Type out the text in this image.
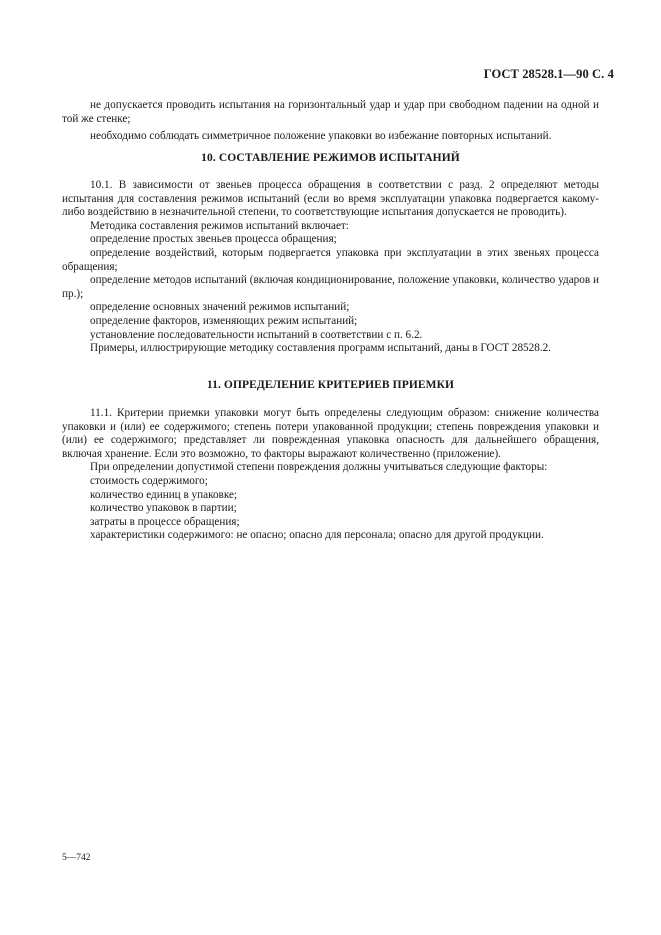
ГОСТ 28528.1—90 С. 4

не допускается проводить испытания на горизонтальный удар и удар при свободном падении на одной и той же стенке;

необходимо соблюдать симметричное положение упаковки во избежание повторных испытаний.

10. СОСТАВЛЕНИЕ РЕЖИМОВ ИСПЫТАНИЙ

10.1. В зависимости от звеньев процесса обращения в соответствии с разд. 2 определяют методы испытания для составления режимов испытаний (если во время эксплуатации упаковка подвергается какому-либо воздействию в незначительной степени, то соответствующие испытания допускается не проводить).

Методика составления режимов испытаний включает:

определение простых звеньев процесса обращения;

определение воздействий, которым подвергается упаковка при эксплуатации в этих звеньях процесса обращения;

определение методов испытаний (включая кондиционирование, положение упаковки, количество ударов и пр.);

определение основных значений режимов испытаний;

определение факторов, изменяющих режим испытаний;

установление последовательности испытаний в соответствии с п. 6.2.

Примеры, иллюстрирующие методику составления программ испытаний, даны в ГОСТ 28528.2.

11. ОПРЕДЕЛЕНИЕ КРИТЕРИЕВ ПРИЕМКИ

11.1. Критерии приемки упаковки могут быть определены следующим образом: снижение количества упаковки и (или) ее содержимого; степень потери упакованной продукции; степень повреждения упаковки и (или) ее содержимого; представляет ли поврежденная упаковка опасность для дальнейшего обращения, включая хранение. Если это возможно, то факторы выражают количественно (приложение).

При определении допустимой степени повреждения должны учитываться следующие факторы:

стоимость содержимого;

количество единиц в упаковке;

количество упаковок в партии;

затраты в процессе обращения;

характеристики содержимого: не опасно; опасно для персонала; опасно для другой продукции.

5—742
